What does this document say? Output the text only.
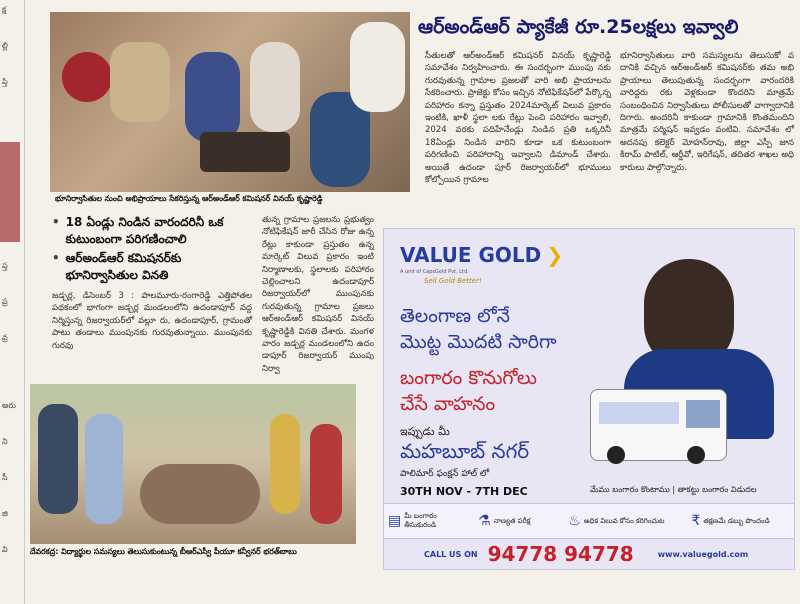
క్ష
ల్లి
ప్తి
ప్త
ప్ర
వ్ర
అరు
ని
సీ
జి
వి
భూనిర్వాసితుల నుంచి అభిప్రాయాలు సేకరిస్తున్న ఆర్‌అండ్‌ఆర్ కమిషనర్ వినయ్ కృష్ణారెడ్డి
ఆర్‌అండ్‌ఆర్ ప్యాకేజీ రూ.25లక్షలు ఇవ్వాలి
సీతులతో ఆర్‌అండ్‌ఆర్ కమిషనర్ వినయ్ కృష్ణారెడ్డి సమావేశం నిర్వహించారు. ఈ సందర్భంగా ముంపు నకు గురవుతున్న గ్రామాల ప్రజలతో వారి అభి ప్రాయాలను సేకరించారు. ప్రాజెక్టు కోసం ఇచ్చిన నోటిఫికేషన్‌లో పేర్కొన్న పరిహారం కన్నా ప్రస్తుతం 2024మార్కెట్ విలువ ప్రకారం ఇంటికి, ఖాళీ స్థలా లకు రేట్లు పెంచి పరిహారం ఇవ్వాలి, 2024 వరకు పదిహేనేండ్లు నిండిన ప్రతి ఒక్కరినీ 18ఏండ్లు నిండిన వారిని కూడా ఒక కుటుంబంగా పరిగణించి పరిహారాన్ని ఇవ్వాలని డిమాండ్ చేశారు. అయితే ఉదండా పూర్ రిజర్వాయర్‌లో భూములు కోల్పోయిన గ్రామాల
భూనిర్వాసితులు వారి సమస్యలను తెలుసుకో వ దానికి వచ్చిన ఆర్‌అండ్‌ఆర్ కమిషనర్‌కు తమ అభి ప్రాయాలు తెలుపుతున్న సందర్భంగా వారందరికి వారిద్దరు రకు వెళ్లకుండా కొందరిని మాత్రమే సంబంధించిన నిర్వాసితులు పోలీసులతో వాగ్వాదానికి దిగారు. అందరినీ కాకుండా గ్రామానికి కొంతమందిని మాత్రమే పర్మిషన్ ఇవ్వడం వంటివి. సమావేశం లో అదనపు కలెక్టర్ మోహన్‌రావు, జిల్లా ఎస్పీ జాన కిరామ్ పాటిల్, ఆర్డీవో, ఇరిగేషన్, తదితర శాఖల అధి కారులు పాల్గొన్నారు.
• 18 ఏండ్లు నిండిన వారందరినీ ఒక కుటుంబంగా పరిగణించాలి
• ఆర్అండ్ఆర్ కమిషనర్‌కు భూనిర్వాసితుల వినతి
జడ్చర్ల, డిసెంబర్ 3 : పాలమూరు-రంగారెడ్డి ఎత్తిపోతల పథకంలో భాగంగా జడ్చర్ల మండలంలోని ఉదండాపూర్ వద్ద నిర్మిస్తున్న రిజర్వాయర్‌లో వల్లూ రు, ఉదండాపూర్, గ్రామంతో పాటు తండాలు ముంపునకు గురవుతున్నాయి. ముంపునకు గురవు
తున్న గ్రామాల ప్రజలను ప్రభుత్వం నోటిఫికేషన్ జారీ చేసిన రోజు ఉన్న రేట్లు కాకుండా ప్రస్తుతం ఉన్న మార్కెట్ విలువ ప్రకారం ఇంటి నిర్మాణాలకు, స్థలాలకు పరిహారం చెల్లించాలని ఉదండాపూర్ రిజర్వాయర్‌లో ముంపునకు గురవుతున్న గ్రామాల ప్రజలు ఆర్‌అండ్‌ఆర్ కమిషనర్ వినయ్ కృష్ణారెడ్డికి వినతి చేశారు. మంగళ వారం జడ్చర్ల మండలంలోని ఉదం డాపూర్ రిజర్వాయర్ ముంపు నిర్వా
దేవరకద్ర: విద్యార్థుల సమస్యలు తెలుసుకుంటున్న బీఆర్ఎస్వీ పీయూ కన్వీనర్ భరత్‌బాబు
VALUE GOLD ❯
A unit of CapsGold Pvt. Ltd.
Sell Gold Better!
తెలంగాణ లోనే
మొట్ట మొదటి సారిగా
బంగారం కొనుగోలు
చేసే వాహనం
ఇప్పుడు మీ
మహబూబ్ నగర్
పాలిమార్ ఫంక్షన్ హాల్ లో
30TH NOV - 7TH DEC	మేము బంగారం కొంటాము | తాకట్టు బంగారం విడుదల
▤ మీ బంగారం తీసుకురండి	⚗ నాణ్యత పరీక్ష	♨ అధిక విలువ కోసం కరిగించుట ₹ తక్షణమే డబ్బు పొందండి
CALL US ON 94778 94778	www.valuegold.com
